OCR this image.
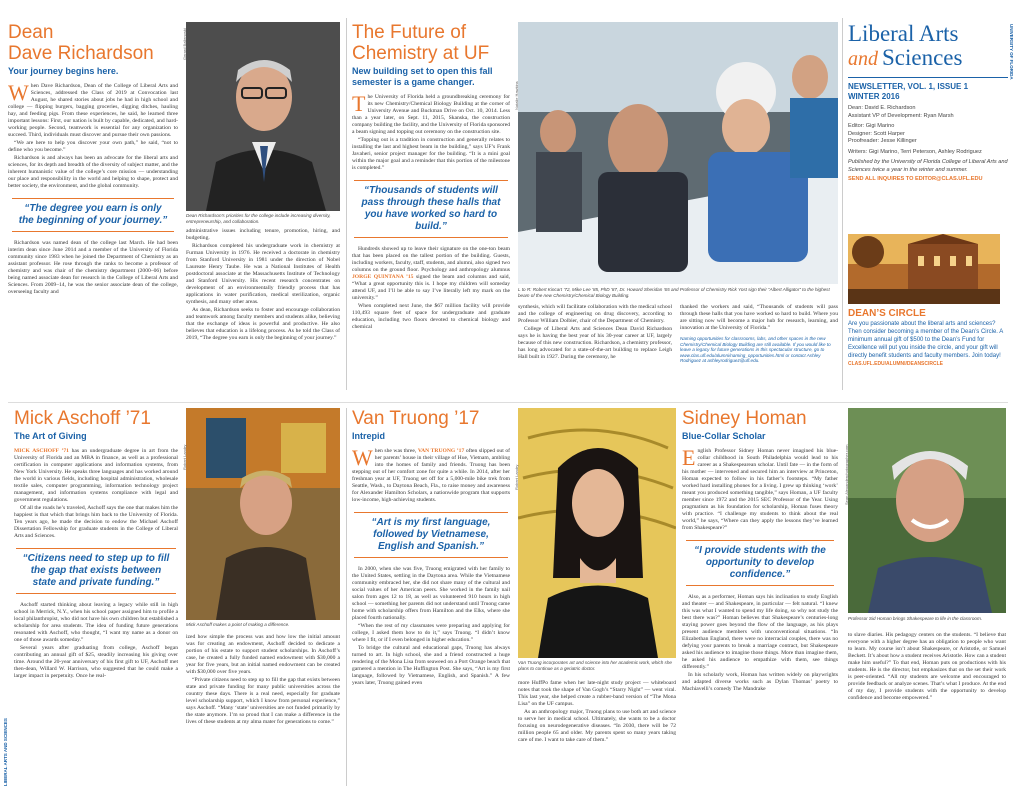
Dean
Dave Richardson
Your journey begins here.
W hen Dave Richardson, Dean of the College of Liberal Arts and Sciences, addressed the Class of 2019 at Convocation last August, he shared stories about jobs he had in high school and college — flipping burgers, bagging groceries, digging ditches, hauling hay, and feeding pigs. From these experiences, he said, he learned three important lessons: First, our nation is built by capable, dedicated, and hard-working people. Second, teamwork is essential for any organization to succeed. Third, individuals must discover and pursue their own passions.

“We are here to help you discover your own path,” he said, “not to define who you become.”

Richardson is and always has been an advocate for the liberal arts and sciences, for its depth and breadth of the diversity of subject matter, and the inherent humanistic value of the college’s core mission — understanding our place and responsibility in the world and helping to shape, protect and better society, the environment, and the global community.

“The degree you earn is only the beginning of your journey.”

Richardson was named dean of the college last March. He had been interim dean since June 2014 and a member of the University of Florida community since 1983 when he joined the Department of Chemistry as an assistant professor. He rose through the ranks to become a professor of chemistry and was chair of the chemistry department (2000–06) before being named associate dean for research in the College of Liberal Arts and Sciences. From 2009–14, he was the senior associate dean of the college, overseeing faculty and

Gerard Ballenoski
Dean Richardson’s priorities for the college include increasing diversity, entrepreneurship, and collaboration.

administrative issues including tenure, promotion, hiring, and budgeting.

Richardson completed his undergraduate work in chemistry at Furman University in 1976. He received a doctorate in chemistry from Stanford University in 1981 under the direction of Nobel Laureate Henry Taube. He was a National Institutes of Health postdoctoral associate at the Massachusetts Institute of Technology and Stanford University. His recent research concentrates on development of an environmentally friendly process that has applications in water purification, medical sterilization, organic synthesis, and many other areas.

As dean, Richardson seeks to foster and encourage collaboration and teamwork among faculty members and students alike, believing that the exchange of ideas is powerful and productive. He also believes that education is a lifelong process. As he told the Class of 2019, “The degree you earn is only the beginning of your journey.”

The Future of
Chemistry at UF
New building set to open this fall semester is a game changer.
T he University of Florida held a groundbreaking ceremony for its new Chemistry/Chemical Biology Building at the corner of University Avenue and Buckman Drive on Oct. 10, 2014. Less than a year later, on Sept. 11, 2015, Skanska, the construction company building the facility, and the University of Florida sponsored a beam signing and topping out ceremony on the construction site.

“Topping out is a tradition in construction and generally relates to installing the last and highest beam in the building,” says UF’s Frank Javaheri, senior project manager for the building. “It is a mini goal within the major goal and a reminder that this portion of the milestone is completed.”

“Thousands of students will pass through these halls that you have worked so hard to build.”

Hundreds showed up to leave their signature on the one-ton beam that has been placed on the tallest portion of the building. Guests, including workers, faculty, staff, students, and alumni, also signed two columns on the ground floor. Psychology and anthropology alumnus JORGE QUINTANA ’15 signed the beam and columns and said, “What a great opportunity this is. I hope my children will someday attend UF, and I’ll be able to say I’ve literally left my mark on the university.”

When completed next June, the $67 million facility will provide 110,493 square feet of space for undergraduate and graduate education, including two floors devoted to chemical biology and chemical

Natalie Hawkins
L to R: Robert Kincart ’72, Mike Lee ’85, PhD ’87, Dr. Howard Sheridan ’65 and Professor of Chemistry Rick Yost sign their “Albert Alligator” to the highest beam of the new Chemistry/Chemical Biology Building.

synthesis, which will facilitate collaboration with the medical school and the college of engineering on drug discovery, according to Professor William Dolbier, chair of the Department of Chemistry.

College of Liberal Arts and Sciences Dean David Richardson says he is having the best year of his 30-year career at UF, largely because of this new construction. Richardson, a chemistry professor, has long advocated for a state-of-the-art building to replace Leigh Hall built in 1927. During the ceremony, he

thanked the workers and said, “Thousands of students will pass through these halls that you have worked so hard to build. Where you are sitting now will become a major hub for research, learning, and innovation at the University of Florida.”

Naming opportunities for classrooms, labs, and other spaces in the new Chemistry/Chemical Biology Building are still available. If you would like to leave a legacy for future generations in this spectacular structure, go to www.clas.ufl.edu/alumni/naming_opportunities.html or contact Ashley Rodriguez at ashleyrodriguez@ufl.edu.
Liberal Arts
and Sciences
NEWSLETTER, VOL. 1, ISSUE 1
WINTER 2016
Dean: David E. Richardson
Assistant VP of Development: Ryan Marsh
Editor: Gigi Marino
Designer: Scott Harper
Proofreader: Jesse Killinger
Writers: Gigi Marino, Terri Peterson, Ashley Rodriguez
Published by the University of Florida College of Liberal Arts and Sciences twice a year in the winter and summer.
SEND ALL INQUIRES TO EDITOR@CLAS.UFL.EDU
UNIVERSITY OF FLORIDA
DEAN’S CIRCLE
Are you passionate about the liberal arts and sciences? Then consider becoming a member of the Dean’s Circle. A minimum annual gift of $500 to the Dean’s Fund for Excellence will put you inside the circle, and your gift will directly benefit students and faculty members. Join today! CLAS.UFL.EDU/ALUMNI/DEANSCIRCLE
Mick Aschoff ’71
The Art of Giving

MICK ASCHOFF ’71 has an undergraduate degree in art from the University of Florida and an MBA in finance, as well as a professional certification in computer applications and information systems, from New York University. He speaks three languages and has worked around the world in various fields, including hospital administration, wholesale textile sales, computer programming, information technology project management, and information systems compliance with legal and government regulations.

Of all the roads he’s traveled, Aschoff says the one that makes him the happiest is that which that brings him back to the University of Florida. Ten years ago, he made the decision to endow the Michael Aschoff Dissertation Fellowship for graduate students in the College of Liberal Arts and Sciences.

“Citizens need to step up to fill the gap that exists between state and private funding.”

Aschoff started thinking about leaving a legacy while still in high school in Merrick, N.Y., when his school paper assigned him to profile a local philanthropist, who did not have his own children but established a scholarship for area students. The idea of funding future generations resonated with Aschoff, who thought, “I want my name as a donor on one of those awards someday.”

Several years after graduating from college, Aschoff began contributing an annual gift of $25, steadily increasing his giving over time. Around the 20-year anniversary of his first gift to UF, Aschoff met then-dean, Willard W. Harrison, who suggested that he could make a larger impact in perpetuity. Once he real-

LIBERAL ARTS AND SCIENCES
Robert Landry
Mick Aschoff makes a point of making a difference.

ized how simple the process was and how low the initial amount was for creating an endowment, Aschoff decided to dedicate a portion of his estate to support student scholarships. In Aschoff’s case, he created a fully funded named endowment with $30,000 a year for five years, but an initial named endowment can be created with $30,000 over five years.

“Private citizens need to step up to fill the gap that exists between state and private funding for many public universities across the country these days. There is a real need, especially for graduate level scholarship support, which I know from personal experience,” says Aschoff. “Many ‘state’ universities are not funded primarily by the state anymore. I’m so proud that I can make a difference in the lives of these students at my alma mater for generations to come.”

Van Truong ’17
Intrepid
W hen she was three, VAN TRUONG ’17 often slipped out of her parents’ house in their village of Hue, Vietnam, ambling into the homes of family and friends. Truong has been stepping out of her comfort zone for quite a while. In 2014, after her freshman year at UF, Truong set off for a 5,000-mile bike trek from Seattle, Wash., to Daytona Beach, Fla., to raise money and awareness for Alexander Hamilton Scholars, a nationwide program that supports low-income, high-achieving students.

“Art is my first language, followed by Vietnamese, English and Spanish.”

In 2000, when she was five, Truong emigrated with her family to the United States, settling in the Daytona area. While the Vietnamese community embraced her, she did not share many of the cultural and social values of her American peers. She worked in the family nail salon from ages 12 to 18, as well as volunteered 910 hours in high school — something her parents did not understand until Truong came home with scholarship offers from Hamilton and the Elks, where she placed fourth nationally.

“When the rest of my classmates were preparing and applying for college, I asked them how to do it,” says Truong. “I didn’t know where I fit, or if I even belonged in higher education.”

To bridge the cultural and educational gaps, Truong has always turned to art. In high school, she and a friend constructed a huge rendering of the Mona Lisa from seaweed on a Port Orange beach that garnered a mention in The Huffington Post. She says, “Art is my first language, followed by Vietnamese, English, and Spanish.” A few years later, Truong gained even

Robert Landry
Van Truong incorporates art and science into her academic work, which she plans to continue as a geriatric doctor.

more HuffPo fame when her late-night study project — whiteboard notes that took the shape of Van Gogh’s “Starry Night” — went viral. This last year, she helped create a rubber-band version of “The Mona Lisa” on the UF campus.

As an anthropology major, Truong plans to use both art and science to serve her in medical school. Ultimately, she wants to be a doctor focusing on neurodegenerative diseases. “In 2030, there will be 72 million people 65 and older. My parents spent so many years taking care of me. I want to take care of them.”

Sidney Homan
Blue-Collar Scholar
E nglish Professor Sidney Homan never imagined his blue-collar childhood in South Philadelphia would lead to his career as a Shakespearean scholar. Until fate — in the form of his mother — intervened and secured him an interview at Princeton, Homan expected to follow in his father’s footsteps. “My father worked hard installing phones for a living. I grew up thinking ‘work’ meant you produced something tangible,” says Homan, a UF faculty member since 1972 and the 2015 SEC Professor of the Year. Using pragmatism as his foundation for scholarship, Homan fuses theory with practice. “I challenge my students to think about the real world,” he says, “Where can they apply the lessons they’ve learned from Shakespeare?”

“I provide students with the opportunity to develop confidence.”

Also, as a performer, Homan says his inclination to study English and theater — and Shakespeare, in particular — felt natural. “I knew this was what I wanted to spend my life doing, so why not study the best there was?” Homan believes that Shakespeare’s centuries-long staying power goes beyond the flow of the language, as his plays present audience members with unconventional situations. “In Elizabethan England, there were no interracial couples, there was no defying your parents to break a marriage contract, but Shakespeare asked his audience to imagine those things. More than imagine them, he asked his audience to empathize with them, see things differently.”

In his scholarly work, Homan has written widely on playwrights and adapted diverse works such as Dylan Thomas’ poetry to Machiavelli’s comedy The Mandrake

Sean Alexanderphotographer.com
Professor Sid Homan brings Shakespeare to life in the classroom.

to slave diaries. His pedagogy centers on the students. “I believe that everyone with a higher degree has an obligation to people who want to learn. My course isn’t about Shakespeare, or Aristotle, or Samuel Beckett. It’s about how a student receives Aristotle. How can a student make him useful?” To that end, Homan puts on productions with his students. He is the director, but emphasizes that on the set their work is peer-oriented. “All my students are welcome and encouraged to provide feedback or analyze scenes. That’s what I produce. At the end of my day, I provide students with the opportunity to develop confidence and become empowered.”
